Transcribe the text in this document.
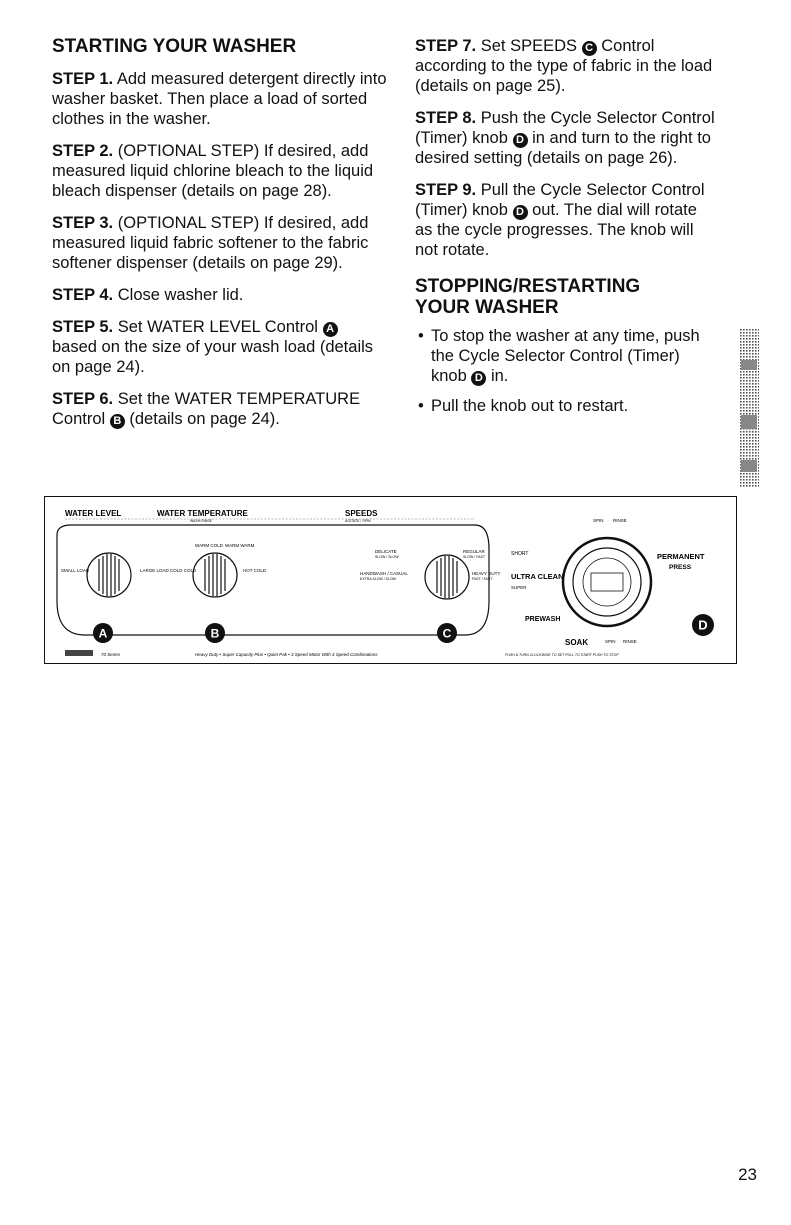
STARTING YOUR WASHER

STEP 1. Add measured detergent directly into washer basket. Then place a load of sorted clothes in the washer.

STEP 2. (OPTIONAL STEP) If desired, add measured liquid chlorine bleach to the liquid bleach dispenser (details on page 28).

STEP 3. (OPTIONAL STEP) If desired, add measured liquid fabric softener to the fabric softener dispenser (details on page 29).

STEP 4. Close washer lid.

STEP 5. Set WATER LEVEL Control A based on the size of your wash load (details on page 24).

STEP 6. Set the WATER TEMPERATURE Control B (details on page 24).

STEP 7. Set SPEEDS C Control according to the type of fabric in the load (details on page 25).

STEP 8. Push the Cycle Selector Control (Timer) knob D in and turn to the right to desired setting (details on page 26).

STEP 9. Pull the Cycle Selector Control (Timer) knob D out. The dial will rotate as the cycle progresses. The knob will not rotate.

STOPPING/RESTARTING
YOUR WASHER
• To stop the washer at any time, push the Cycle Selector Control (Timer) knob D in.
• Pull the knob out to restart.
WATER LEVEL	WATER TEMPERATURE
WASH RINSE
SPEEDS
AGITATE / SPIN
SMALL LOAD	LARGE LOAD
WARM COLD WARM WARM
COLD COLD	HOT COLD
DELICATE
SLOW / SLOW
REGULAR
SLOW / FAST
HANDWASH / CASUAL
EXTRA SLOW / SLOW
HEAVY DUTY
FAST / FAST
A	B	C
SHORT
ULTRA CLEAN
SUPER
PREWASH
SOAK	SPIN RINSE
PERMANENT
PRESS
SPIN RINSE
D
70 Series	Heavy Duty • Super Capacity Plus • Quiet Pak • 3 Speed Motor With 4 Speed Combinations	PUSH & TURN CLOCKWISE TO SET PULL TO START PUSH TO STOP
23
